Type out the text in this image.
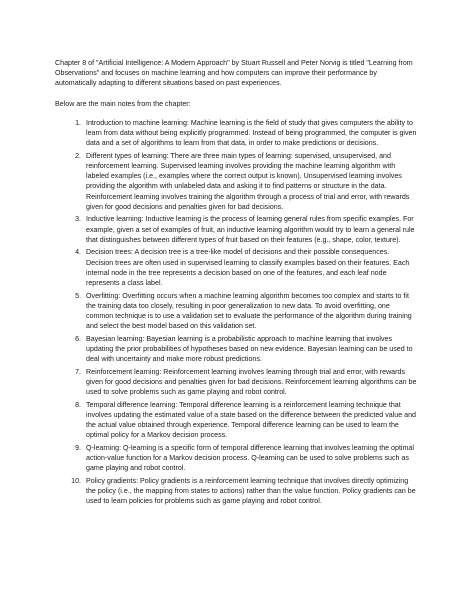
Chapter 8 of "Artificial Intelligence: A Modern Approach" by Stuart Russell and Peter Norvig is titled "Learning from Observations" and focuses on machine learning and how computers can improve their performance by automatically adapting to different situations based on past experiences.

Below are the main notes from the chapter:

1. Introduction to machine learning: Machine learning is the field of study that gives computers the ability to learn from data without being explicitly programmed. Instead of being programmed, the computer is given data and a set of algorithms to learn from that data, in order to make predictions or decisions.
2. Different types of learning: There are three main types of learning: supervised, unsupervised, and reinforcement learning. Supervised learning involves providing the machine learning algorithm with labeled examples (i.e., examples where the correct output is known). Unsupervised learning involves providing the algorithm with unlabeled data and asking it to find patterns or structure in the data. Reinforcement learning involves training the algorithm through a process of trial and error, with rewards given for good decisions and penalties given for bad decisions.
3. Inductive learning: Inductive learning is the process of learning general rules from specific examples. For example, given a set of examples of fruit, an inductive learning algorithm would try to learn a general rule that distinguishes between different types of fruit based on their features (e.g., shape, color, texture).
4. Decision trees: A decision tree is a tree-like model of decisions and their possible consequences. Decision trees are often used in supervised learning to classify examples based on their features. Each internal node in the tree represents a decision based on one of the features, and each leaf node represents a class label.
5. Overfitting: Overfitting occurs when a machine learning algorithm becomes too complex and starts to fit the training data too closely, resulting in poor generalization to new data. To avoid overfitting, one common technique is to use a validation set to evaluate the performance of the algorithm during training and select the best model based on this validation set.
6. Bayesian learning: Bayesian learning is a probabilistic approach to machine learning that involves updating the prior probabilities of hypotheses based on new evidence. Bayesian learning can be used to deal with uncertainty and make more robust predictions.
7. Reinforcement learning: Reinforcement learning involves learning through trial and error, with rewards given for good decisions and penalties given for bad decisions. Reinforcement learning algorithms can be used to solve problems such as game playing and robot control.
8. Temporal difference learning: Temporal difference learning is a reinforcement learning technique that involves updating the estimated value of a state based on the difference between the predicted value and the actual value obtained through experience. Temporal difference learning can be used to learn the optimal policy for a Markov decision process.
9. Q-learning: Q-learning is a specific form of temporal difference learning that involves learning the optimal action-value function for a Markov decision process. Q-learning can be used to solve problems such as game playing and robot control.
10. Policy gradients: Policy gradients is a reinforcement learning technique that involves directly optimizing the policy (i.e., the mapping from states to actions) rather than the value function. Policy gradients can be used to learn policies for problems such as game playing and robot control.
